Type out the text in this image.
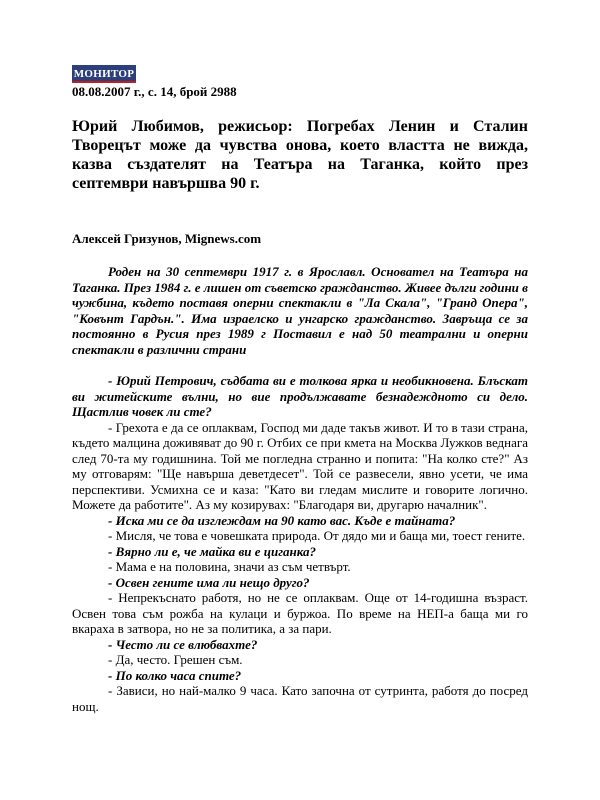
МОНИТОР
08.08.2007 г., с. 14, брой 2988
Юрий Любимов, режисьор: Погребах Ленин и Сталин Творецът може да чувства онова, което властта не вижда, казва създателят на Театъра на Таганка, който през септември навършва 90 г.
Алексей Гризунов, Mignews.com
Роден на 30 септември 1917 г. в Ярославл. Основател на Театъра на Таганка. През 1984 г. е лишен от съветско гражданство. Живее дълги години в чужбина, където поставя оперни спектакли в "Ла Скала", "Гранд Опера", "Ковънт Гардън.". Има израелско и унгарско гражданство. Завръща се за постоянно в Русия през 1989 г Поставил е над 50 театрални и оперни спектакли в различни страни

- Юрий Петрович, съдбата ви е толкова ярка и необикновена. Блъскат ви житейските вълни, но вие продължавате безнадеждното си дело. Щастлив човек ли сте?

- Грехота е да се оплаквам, Господ ми даде такъв живот. И то в тази страна, където малцина доживяват до 90 г. Отбих се при кмета на Москва Лужков веднага след 70-та му годишнина. Той ме погледна странно и попита: "На колко сте?" Аз му отговарям: "Ще навърша деветдесет". Той се развесели, явно усети, че има перспективи. Усмихна се и каза: "Като ви гледам мислите и говорите логично. Можете да работите". Аз му козирувах: "Благодаря ви, другарю началник".

- Иска ми се да изглеждам на 90 като вас. Къде е тайната?

- Мисля, че това е човешката природа. От дядо ми и баща ми, тоест гените.

- Вярно ли е, че майка ви е циганка?

- Мама е на половина, значи аз съм четвърт.

- Освен гените има ли нещо друго?

- Непрекъснато работя, но не се оплаквам. Още от 14-годишна възраст. Освен това съм рожба на кулаци и буржоа. По време на НЕП-а баща ми го вкараха в затвора, но не за политика, а за пари.

- Често ли се влюбвахте?

- Да, често. Грешен съм.

- По колко часа спите?

- Зависи, но най-малко 9 часа. Като започна от сутринта, работя до посред нощ.
